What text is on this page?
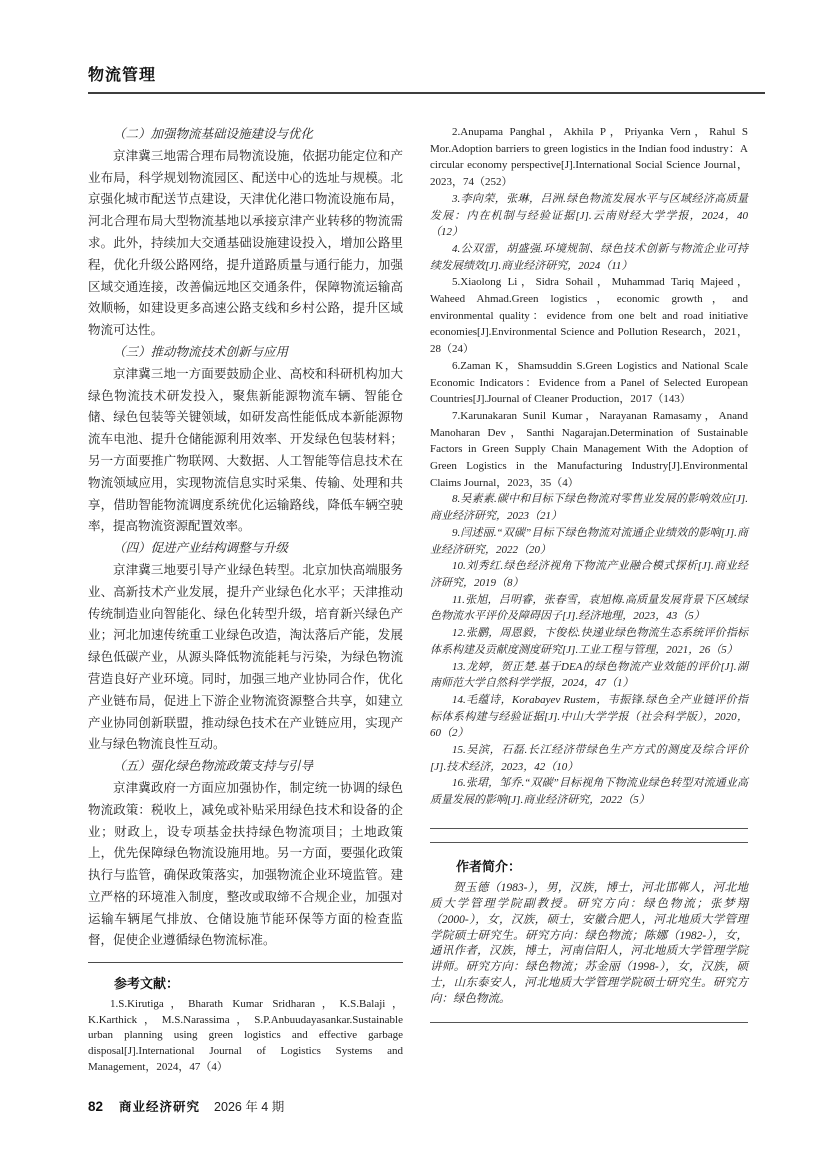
物流管理
（二）加强物流基础设施建设与优化

京津冀三地需合理布局物流设施，依据功能定位和产业布局，科学规划物流园区、配送中心的选址与规模。北京强化城市配送节点建设，天津优化港口物流设施布局，河北合理布局大型物流基地以承接京津产业转移的物流需求。此外，持续加大交通基础设施建设投入，增加公路里程，优化升级公路网络，提升道路质量与通行能力，加强区域交通连接，改善偏远地区交通条件，保障物流运输高效顺畅，如建设更多高速公路支线和乡村公路，提升区域物流可达性。

（三）推动物流技术创新与应用

京津冀三地一方面要鼓励企业、高校和科研机构加大绿色物流技术研发投入，聚焦新能源物流车辆、智能仓储、绿色包装等关键领域，如研发高性能低成本新能源物流车电池、提升仓储能源利用效率、开发绿色包装材料；另一方面要推广物联网、大数据、人工智能等信息技术在物流领域应用，实现物流信息实时采集、传输、处理和共享，借助智能物流调度系统优化运输路线，降低车辆空驶率，提高物流资源配置效率。

（四）促进产业结构调整与升级

京津冀三地要引导产业绿色转型。北京加快高端服务业、高新技术产业发展，提升产业绿色化水平；天津推动传统制造业向智能化、绿色化转型升级，培育新兴绿色产业；河北加速传统重工业绿色改造，淘汰落后产能，发展绿色低碳产业，从源头降低物流能耗与污染，为绿色物流营造良好产业环境。同时，加强三地产业协同合作，优化产业链布局，促进上下游企业物流资源整合共享，如建立产业协同创新联盟，推动绿色技术在产业链应用，实现产业与绿色物流良性互动。

（五）强化绿色物流政策支持与引导

京津冀政府一方面应加强协作，制定统一协调的绿色物流政策：税收上，减免或补贴采用绿色技术和设备的企业；财政上，设专项基金扶持绿色物流项目；土地政策上，优先保障绿色物流设施用地。另一方面，要强化政策执行与监管，确保政策落实，加强物流企业环境监管。建立严格的环境准入制度，整改或取缔不合规企业，加强对运输车辆尾气排放、仓储设施节能环保等方面的检查监督，促使企业遵循绿色物流标准。

参考文献：

1.S.Kirutiga，Bharath Kumar Sridharan，K.S.Balaji，K.Karthick，M.S.Narassima，S.P.Anbuudayasankar.Sustainable urban planning using green logistics and effective garbage disposal[J].International Journal of Logistics Systems and Management，2024，47（4）

2.Anupama Panghal，Akhila P，Priyanka Vern，Rahul S Mor.Adoption barriers to green logistics in the Indian food industry：A circular economy perspective[J].International Social Science Journal，2023，74（252）

3.李向荣，张琳，吕洲.绿色物流发展水平与区域经济高质量发展：内在机制与经验证据[J].云南财经大学学报，2024，40（12）

4.公双雷，胡盛强.环境规制、绿色技术创新与物流企业可持续发展绩效[J].商业经济研究，2024（11）

5.Xiaolong Li，Sidra Sohail，Muhammad Tariq Majeed，Waheed Ahmad.Green logistics，economic growth，and environmental quality：evidence from one belt and road initiative economies[J].Environmental Science and Pollution Research，2021，28（24）

6.Zaman K，Shamsuddin S.Green Logistics and National Scale Economic Indicators：Evidence from a Panel of Selected European Countries[J].Journal of Cleaner Production，2017（143）

7.Karunakaran Sunil Kumar，Narayanan Ramasamy，Anand Manoharan Dev，Santhi Nagarajan.Determination of Sustainable Factors in Green Supply Chain Management With the Adoption of Green Logistics in the Manufacturing Industry[J].Environmental Claims Journal，2023，35（4）

8.吴素素.碳中和目标下绿色物流对零售业发展的影响效应[J].商业经济研究，2023（21）

9.闫述丽.“双碳”目标下绿色物流对流通企业绩效的影响[J].商业经济研究，2022（20）

10.刘秀红.绿色经济视角下物流产业融合模式探析[J].商业经济研究，2019（8）

11.张旭，吕明睿，张春雪，袁旭梅.高质量发展背景下区域绿色物流水平评价及障碍因子[J].经济地理，2023，43（5）

12.张鹏，周恩毅，卞俊松.快递业绿色物流生态系统评价指标体系构建及贡献度测度研究[J].工业工程与管理，2021，26（5）

13.龙婷，贺正楚.基于DEA的绿色物流产业效能的评价[J].湖南师范大学自然科学学报，2024，47（1）

14.毛蕴诗，Korabayev Rustem，韦振锋.绿色全产业链评价指标体系构建与经验证据[J].中山大学学报（社会科学版），2020，60（2）

15.吴滨，石磊.长江经济带绿色生产方式的测度及综合评价[J].技术经济，2023，42（10）

16.张珺，邹乔.“双碳”目标视角下物流业绿色转型对流通业高质量发展的影响[J].商业经济研究，2022（5）

作者简介：

贺玉德（1983-），男，汉族，博士，河北邯郸人，河北地质大学管理学院副教授。研究方向：绿色物流；张梦翔（2000-），女，汉族，硕士，安徽合肥人，河北地质大学管理学院硕士研究生。研究方向：绿色物流；陈娜（1982-），女，通讯作者，汉族，博士，河南信阳人，河北地质大学管理学院讲师。研究方向：绿色物流；苏金丽（1998-），女，汉族，硕士，山东泰安人，河北地质大学管理学院硕士研究生。研究方向：绿色物流。

82 商业经济研究 2026 年 4 期
